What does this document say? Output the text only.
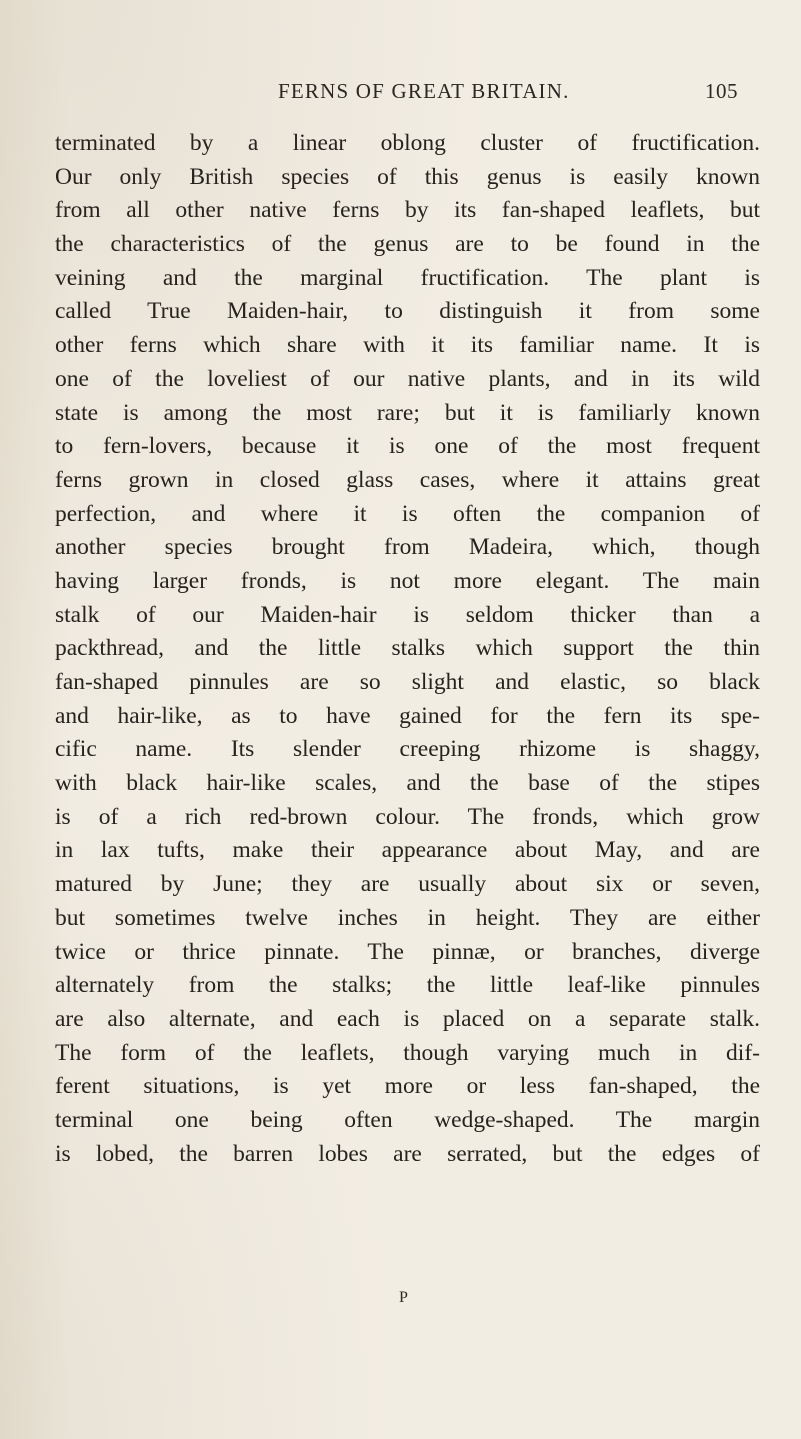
FERNS OF GREAT BRITAIN.	105
terminated by a linear oblong cluster of fructification.
Our only British species of this genus is easily known
from all other native ferns by its fan-shaped leaflets, but
the characteristics of the genus are to be found in the
veining and the marginal fructification. The plant is
called True Maiden-hair, to distinguish it from some
other ferns which share with it its familiar name. It is
one of the loveliest of our native plants, and in its wild
state is among the most rare; but it is familiarly known
to fern-lovers, because it is one of the most frequent
ferns grown in closed glass cases, where it attains great
perfection, and where it is often the companion of
another species brought from Madeira, which, though
having larger fronds, is not more elegant. The main
stalk of our Maiden-hair is seldom thicker than a
packthread, and the little stalks which support the thin
fan-shaped pinnules are so slight and elastic, so black
and hair-like, as to have gained for the fern its spe-
cific name. Its slender creeping rhizome is shaggy,
with black hair-like scales, and the base of the stipes
is of a rich red-brown colour. The fronds, which grow
in lax tufts, make their appearance about May, and are
matured by June; they are usually about six or seven,
but sometimes twelve inches in height. They are either
twice or thrice pinnate. The pinnæ, or branches, diverge
alternately from the stalks; the little leaf-like pinnules
are also alternate, and each is placed on a separate stalk.
The form of the leaflets, though varying much in dif-
ferent situations, is yet more or less fan-shaped, the
terminal one being often wedge-shaped. The margin
is lobed, the barren lobes are serrated, but the edges of
P
